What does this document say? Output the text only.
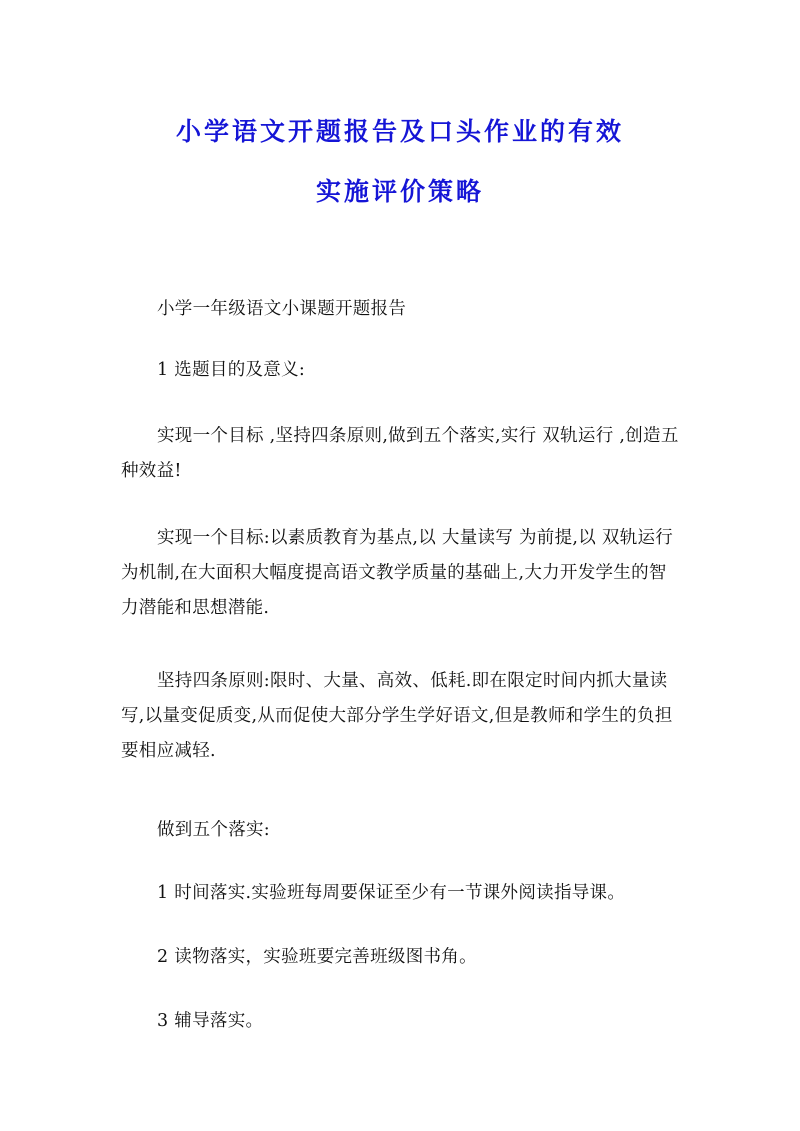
小学语文开题报告及口头作业的有效
实施评价策略

小学一年级语文小课题开题报告

1 选题目的及意义:

实现一个目标 ,坚持四条原则,做到五个落实,实行 双轨运行 ,创造五种效益!

实现一个目标:以素质教育为基点,以 大量读写 为前提,以 双轨运行 为机制,在大面积大幅度提高语文教学质量的基础上,大力开发学生的智力潜能和思想潜能.

坚持四条原则:限时、大量、高效、低耗.即在限定时间内抓大量读写,以量变促质变,从而促使大部分学生学好语文,但是教师和学生的负担要相应减轻.

做到五个落实:

1 时间落实.实验班每周要保证至少有一节课外阅读指导课。

2 读物落实，实验班要完善班级图书角。

3 辅导落实。
